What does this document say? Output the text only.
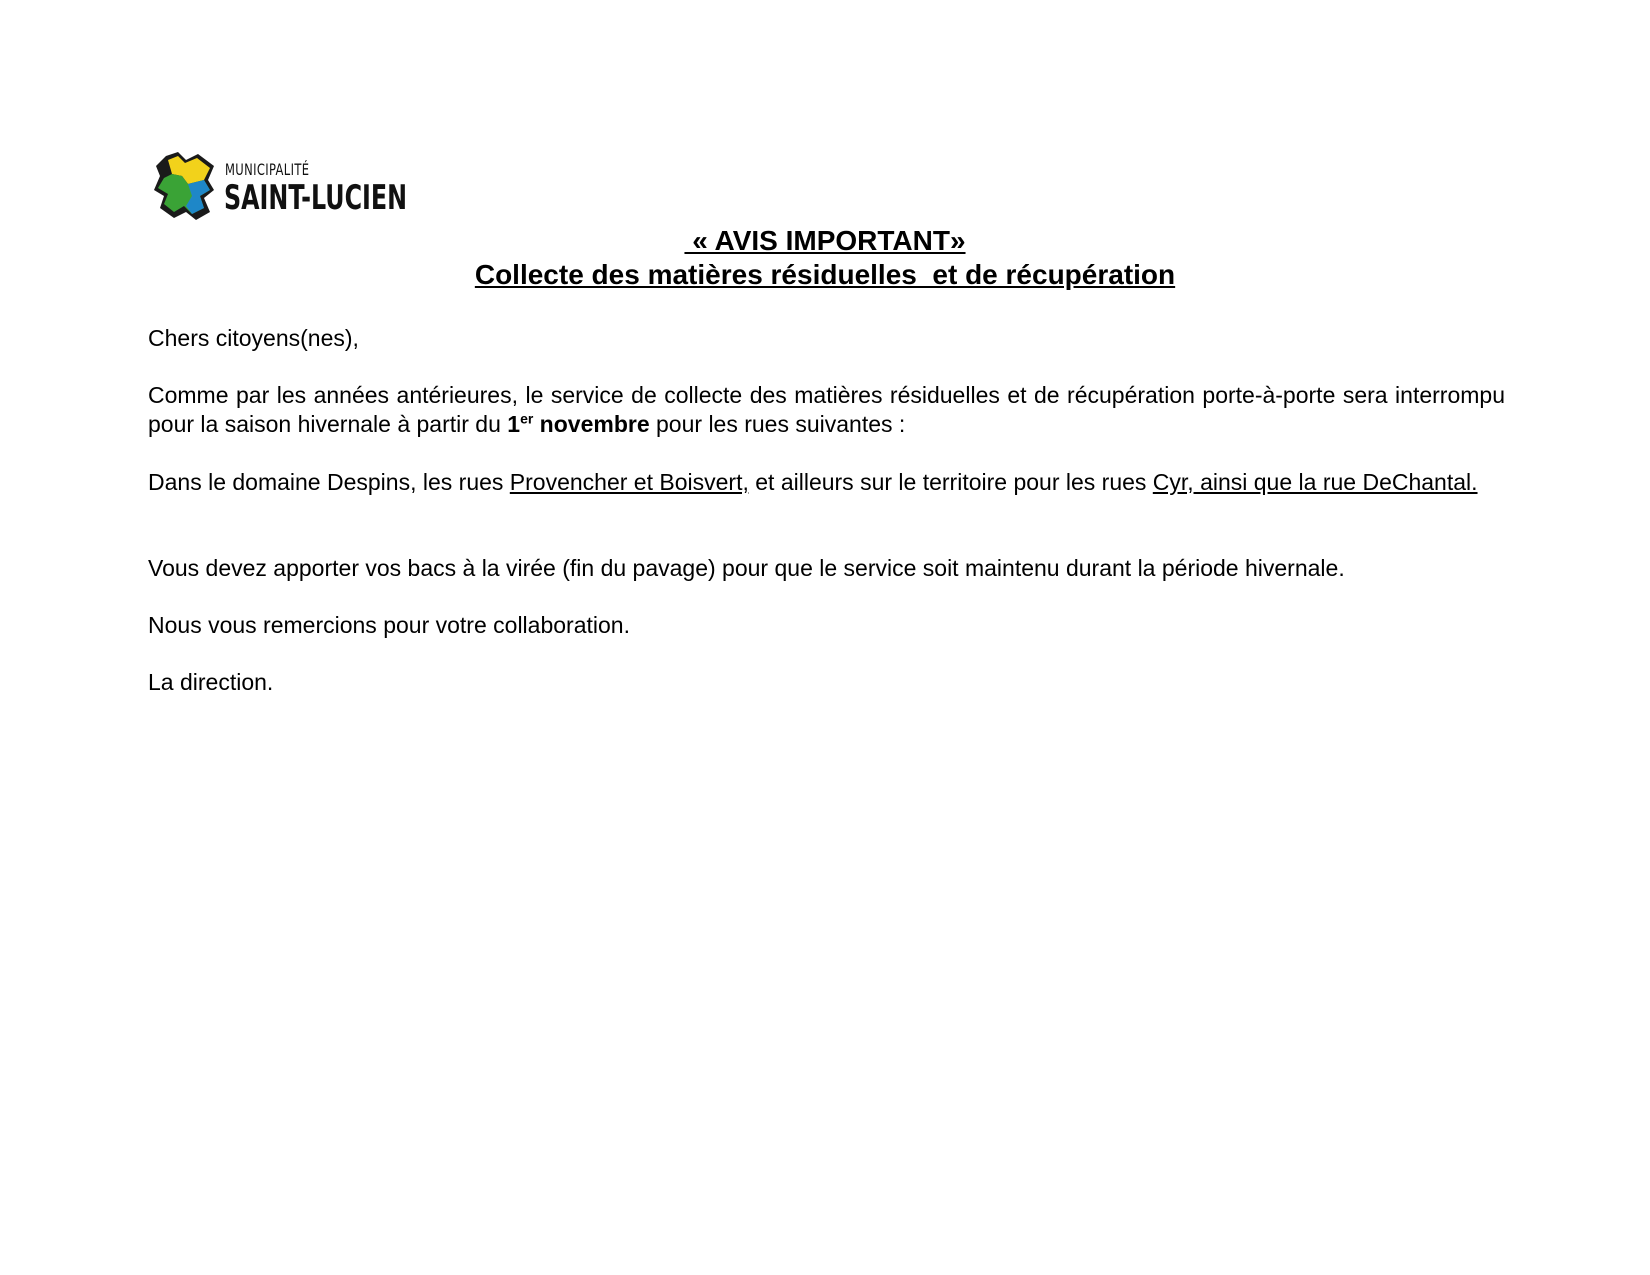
MUNICIPALITÉ
SAINT-LUCIEN
« AVIS IMPORTANT»
Collecte des matières résiduelles  et de récupération

Chers citoyens(nes),

Comme par les années antérieures, le service de collecte des matières résiduelles et de récupération porte-à-porte sera interrompu pour la saison hivernale à partir du 1er novembre pour les rues suivantes :

Dans le domaine Despins, les rues Provencher et Boisvert, et ailleurs sur le territoire pour les rues Cyr, ainsi que la rue DeChantal.

Vous devez apporter vos bacs à la virée (fin du pavage) pour que le service soit maintenu durant la période hivernale.

Nous vous remercions pour votre collaboration.

La direction.
